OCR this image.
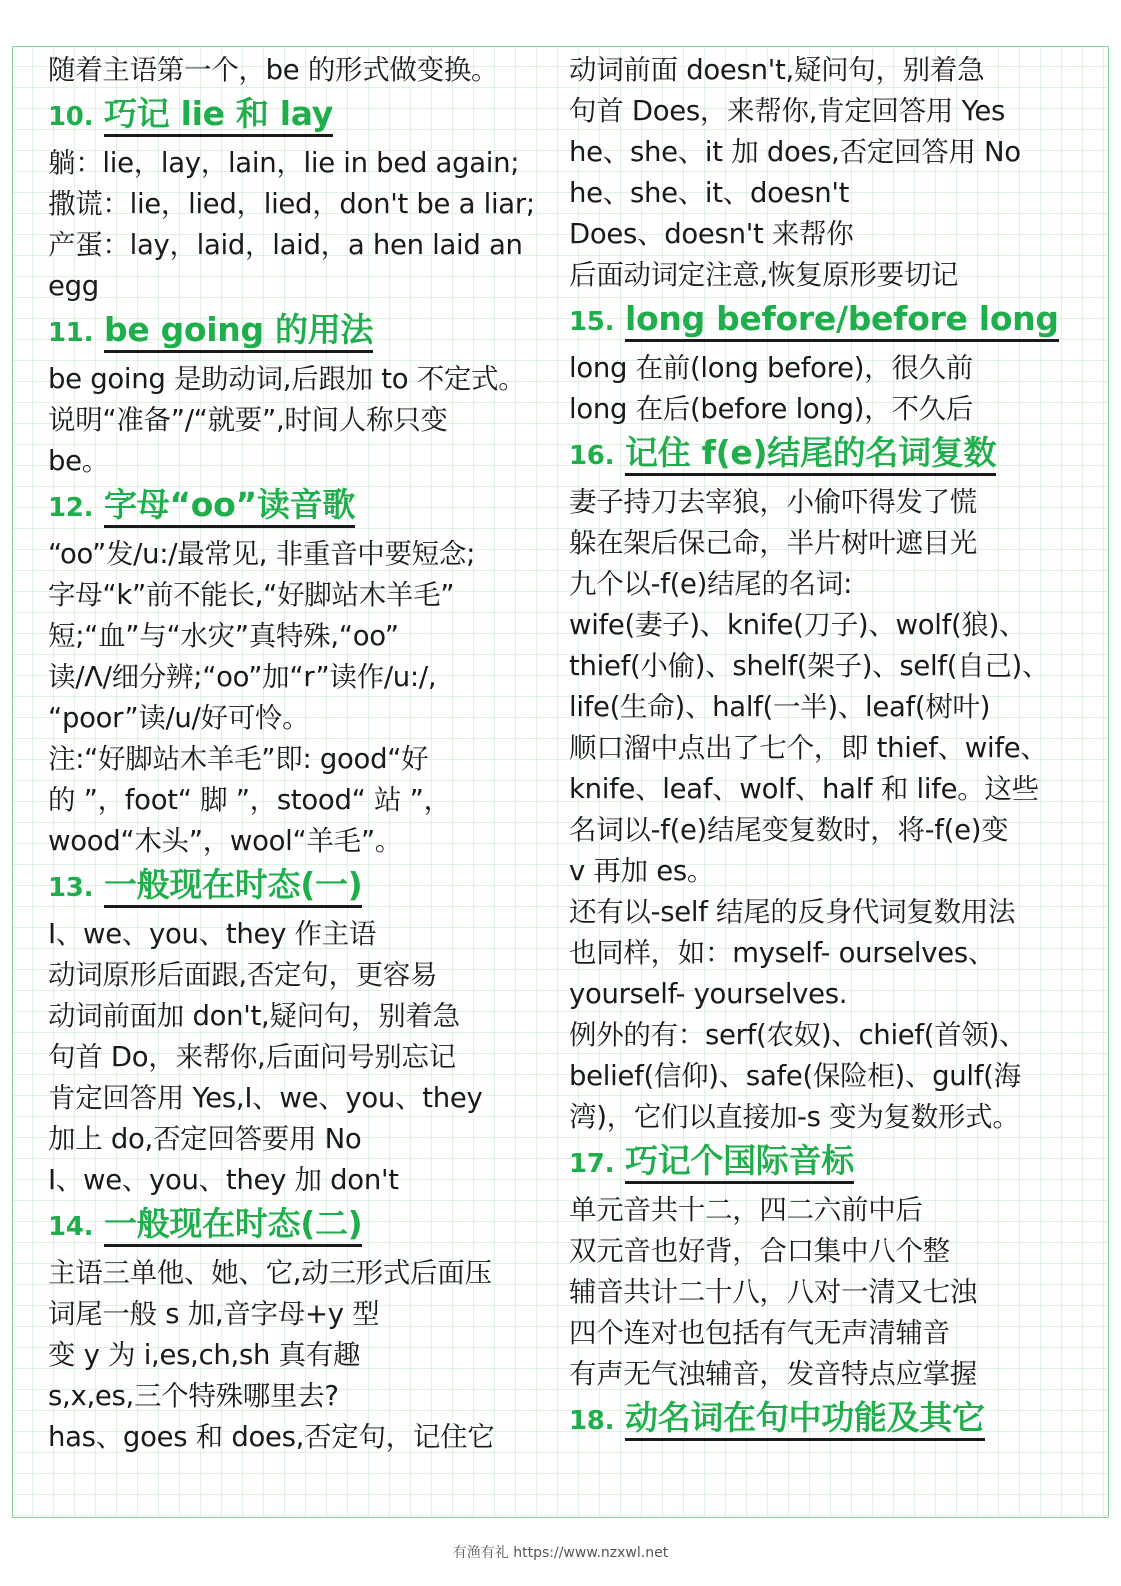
随着主语第一个，be 的形式做变换。
10. 巧记 lie 和 lay
躺：lie，lay，lain，lie in bed again;
撒谎：lie，lied，lied，don't be a liar;
产蛋：lay，laid，laid，a hen laid an
egg
11. be going 的用法
be going 是助动词,后跟加 to 不定式。
说明“准备”/“就要”,时间人称只变
be。
12. 字母“oo”读音歌
“oo”发/u:/最常见, 非重音中要短念;
字母“k”前不能长,“好脚站木羊毛”
短;“血”与“水灾”真特殊,“oo”
读/Λ/细分辨;“oo”加“r”读作/u:/,
“poor”读/u/好可怜。
注:“好脚站木羊毛”即: good“好
的 ”，foot“ 脚 ”，stood“ 站 ”，
wood“木头”，wool“羊毛”。
13. 一般现在时态(一)
I、we、you、they 作主语
动词原形后面跟,否定句，更容易
动词前面加 don't,疑问句，别着急
句首 Do，来帮你,后面问号别忘记
肯定回答用 Yes,I、we、you、they
加上 do,否定回答要用 No
I、we、you、they 加 don't
14. 一般现在时态(二)
主语三单他、她、它,动三形式后面压
词尾一般 s 加,音字母+y 型
变 y 为 i,es,ch,sh 真有趣
s,x,es,三个特殊哪里去?
has、goes 和 does,否定句，记住它
动词前面 doesn't,疑问句，别着急
句首 Does，来帮你,肯定回答用 Yes
he、she、it 加 does,否定回答用 No
he、she、it、doesn't
Does、doesn't 来帮你
后面动词定注意,恢复原形要切记
15. long before/before long
long 在前(long before)，很久前
long 在后(before long)，不久后
16. 记住 f(e)结尾的名词复数
妻子持刀去宰狼，小偷吓得发了慌
躲在架后保己命，半片树叶遮目光
九个以-f(e)结尾的名词:
wife(妻子)、knife(刀子)、wolf(狼)、
thief(小偷)、shelf(架子)、self(自己)、
life(生命)、half(一半)、leaf(树叶)
顺口溜中点出了七个，即 thief、wife、
knife、leaf、wolf、half 和 life。这些
名词以-f(e)结尾变复数时，将-f(e)变
v 再加 es。
还有以-self 结尾的反身代词复数用法
也同样，如：myself- ourselves、
yourself- yourselves.
例外的有：serf(农奴)、chief(首领)、
belief(信仰)、safe(保险柜)、gulf(海
湾)，它们以直接加-s 变为复数形式。
17. 巧记个国际音标
单元音共十二，四二六前中后
双元音也好背，合口集中八个整
辅音共计二十八，八对一清又七浊
四个连对也包括有气无声清辅音
有声无气浊辅音，发音特点应掌握
18. 动名词在句中功能及其它
有渔有礼 https://www.nzxwl.net
